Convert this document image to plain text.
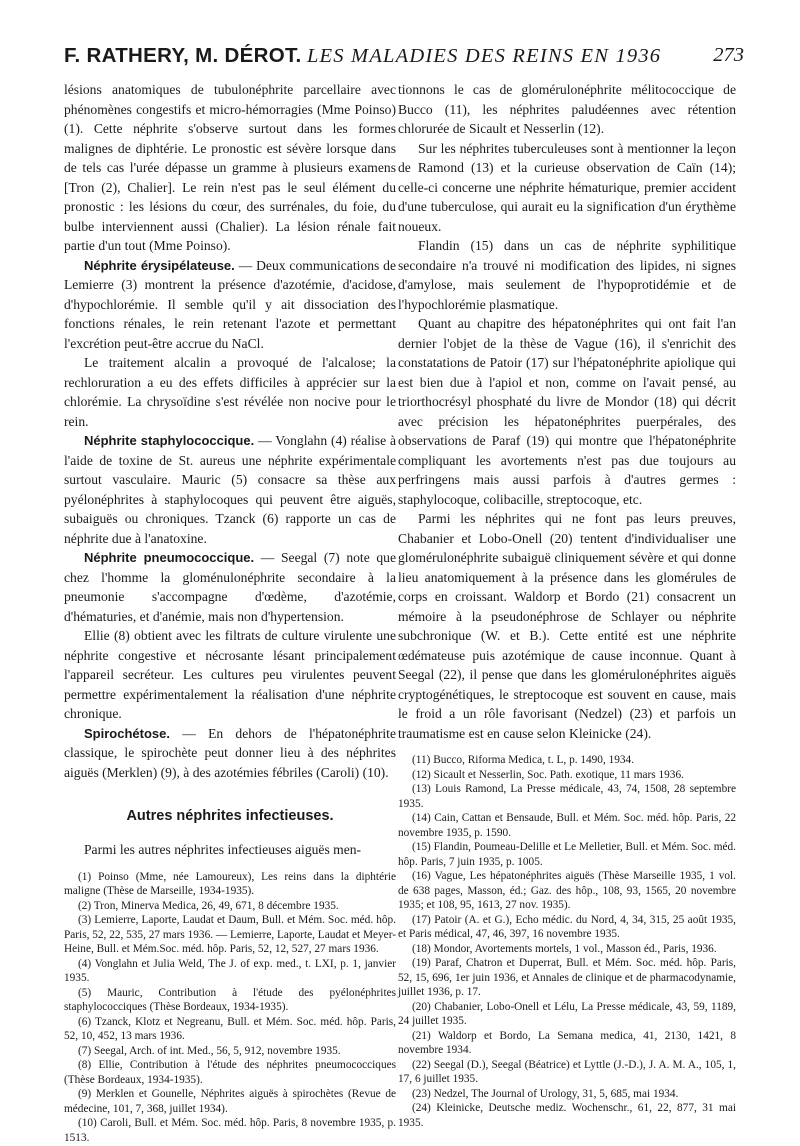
F. RATHERY, M. DÉROT. LES MALADIES DES REINS EN 1936	273

lésions anatomiques de tubulonéphrite parcellaire avec phénomènes congestifs et micro-hémorragies (Mme Poinso) (1). Cette néphrite s'observe surtout dans les formes malignes de diphtérie. Le pronostic est sévère lorsque dans de tels cas l'urée dépasse un gramme à plusieurs examens [Tron (2), Chalier]. Le rein n'est pas le seul élément du pronostic : les lésions du cœur, des surrénales, du foie, du bulbe interviennent aussi (Chalier). La lésion rénale fait partie d'un tout (Mme Poinso).

Néphrite érysipélateuse. — Deux communications de Lemierre (3) montrent la présence d'azotémie, d'acidose, d'hypochlorémie. Il semble qu'il y ait dissociation des fonctions rénales, le rein retenant l'azote et permettant l'excrétion peut-être accrue du NaCl.

Le traitement alcalin a provoqué de l'alcalose; la rechloruration a eu des effets difficiles à apprécier sur la chlorémie. La chrysoïdine s'est révélée non nocive pour le rein.

Néphrite staphylococcique. — Vonglahn (4) réalise à l'aide de toxine de St. aureus une néphrite expérimentale surtout vasculaire. Mauric (5) consacre sa thèse aux pyélonéphrites à staphylocoques qui peuvent être aiguës, subaiguës ou chroniques. Tzanck (6) rapporte un cas de néphrite due à l'anatoxine.

Néphrite pneumococcique. — Seegal (7) note que chez l'homme la gloménulonéphrite secondaire à la pneumonie s'accompagne d'œdème, d'azotémie, d'hématuries, et d'anémie, mais non d'hypertension.

Ellie (8) obtient avec les filtrats de culture virulente une néphrite congestive et nécrosante lésant principalement l'appareil secréteur. Les cultures peu virulentes peuvent permettre expérimentalement la réalisation d'une néphrite chronique.

Spirochétose. — En dehors de l'hépatonéphrite classique, le spirochète peut donner lieu à des néphrites aiguës (Merklen) (9), à des azotémies fébriles (Caroli) (10).

Autres néphrites infectieuses.

Parmi les autres néphrites infectieuses aiguës men-

(1) Poinso (Mme, née Lamoureux), Les reins dans la diphtérie maligne (Thèse de Marseille, 1934-1935).

(2) Tron, Minerva Medica, 26, 49, 671, 8 décembre 1935.

(3) Lemierre, Laporte, Laudat et Daum, Bull. et Mém. Soc. méd. hôp. Paris, 52, 22, 535, 27 mars 1936. — Lemierre, Laporte, Laudat et Meyer-Heine, Bull. et Mém.Soc. méd. hôp. Paris, 52, 12, 527, 27 mars 1936.

(4) Vonglahn et Julia Weld, The J. of exp. med., t. LXI, p. 1, janvier 1935.

(5) Mauric, Contribution à l'étude des pyélonéphrites staphylococciques (Thèse Bordeaux, 1934-1935).

(6) Tzanck, Klotz et Negreanu, Bull. et Mém. Soc. méd. hôp. Paris, 52, 10, 452, 13 mars 1936.

(7) Seegal, Arch. of int. Med., 56, 5, 912, novembre 1935.

(8) Ellie, Contribution à l'étude des néphrites pneumococciques (Thèse Bordeaux, 1934-1935).

(9) Merklen et Gounelle, Néphrites aiguës à spirochètes (Revue de médecine, 101, 7, 368, juillet 1934).

(10) Caroli, Bull. et Mém. Soc. méd. hôp. Paris, 8 novembre 1935, p. 1513.

tionnons le cas de glomérulonéphrite mélitococcique de Bucco (11), les néphrites paludéennes avec rétention chlorurée de Sicault et Nesserlin (12).

Sur les néphrites tuberculeuses sont à mentionner la leçon de Ramond (13) et la curieuse observation de Caïn (14); celle-ci concerne une néphrite hématurique, premier accident d'une tuberculose, qui aurait eu la signification d'un érythème noueux.

Flandin (15) dans un cas de néphrite syphilitique secondaire n'a trouvé ni modification des lipides, ni signes d'amylose, mais seulement de l'hypoprotidémie et de l'hypochlorémie plasmatique.

Quant au chapitre des hépatonéphrites qui ont fait l'an dernier l'objet de la thèse de Vague (16), il s'enrichit des constatations de Patoir (17) sur l'hépatonéphrite apiolique qui est bien due à l'apiol et non, comme on l'avait pensé, au triorthocrésyl phosphaté du livre de Mondor (18) qui décrit avec précision les hépatonéphrites puerpérales, des observations de Paraf (19) qui montre que l'hépatonéphrite compliquant les avortements n'est pas due toujours au perfringens mais aussi parfois à d'autres germes : staphylocoque, colibacille, streptocoque, etc.

Parmi les néphrites qui ne font pas leurs preuves, Chabanier et Lobo-Onell (20) tentent d'individualiser une glomérulonéphrite subaiguë cliniquement sévère et qui donne lieu anatomiquement à la présence dans les glomérules de corps en croissant. Waldorp et Bordo (21) consacrent un mémoire à la pseudonéphrose de Schlayer ou néphrite subchronique (W. et B.). Cette entité est une néphrite œdémateuse puis azotémique de cause inconnue. Quant à Seegal (22), il pense que dans les glomérulonéphrites aiguës cryptogénétiques, le streptocoque est souvent en cause, mais le froid a un rôle favorisant (Nedzel) (23) et parfois un traumatisme est en cause selon Kleinicke (24).

(11) Bucco, Riforma Medica, t. L, p. 1490, 1934.

(12) Sicault et Nesserlin, Soc. Path. exotique, 11 mars 1936.

(13) Louis Ramond, La Presse médicale, 43, 74, 1508, 28 septembre 1935.

(14) Cain, Cattan et Bensaude, Bull. et Mém. Soc. méd. hôp. Paris, 22 novembre 1935, p. 1590.

(15) Flandin, Poumeau-Delille et Le Melletier, Bull. et Mém. Soc. méd. hôp. Paris, 7 juin 1935, p. 1005.

(16) Vague, Les hépatonéphrites aiguës (Thèse Marseille 1935, 1 vol. de 638 pages, Masson, éd.; Gaz. des hôp., 108, 93, 1565, 20 novembre 1935; et 108, 95, 1613, 27 nov. 1935).

(17) Patoir (A. et G.), Echo médic. du Nord, 4, 34, 315, 25 août 1935, et Paris médical, 47, 46, 397, 16 novembre 1935.

(18) Mondor, Avortements mortels, 1 vol., Masson éd., Paris, 1936.

(19) Paraf, Chatron et Duperrat, Bull. et Mém. Soc. méd. hôp. Paris, 52, 15, 696, 1er juin 1936, et Annales de clinique et de pharmacodynamie, juillet 1936, p. 17.

(20) Chabanier, Lobo-Onell et Lélu, La Presse médicale, 43, 59, 1189, 24 juillet 1935.

(21) Waldorp et Bordo, La Semana medica, 41, 2130, 1421, 8 novembre 1934.

(22) Seegal (D.), Seegal (Béatrice) et Lyttle (J.-D.), J. A. M. A., 105, 1, 17, 6 juillet 1935.

(23) Nedzel, The Journal of Urology, 31, 5, 685, mai 1934.

(24) Kleinicke, Deutsche mediz. Wochenschr., 61, 22, 877, 31 mai 1935.
